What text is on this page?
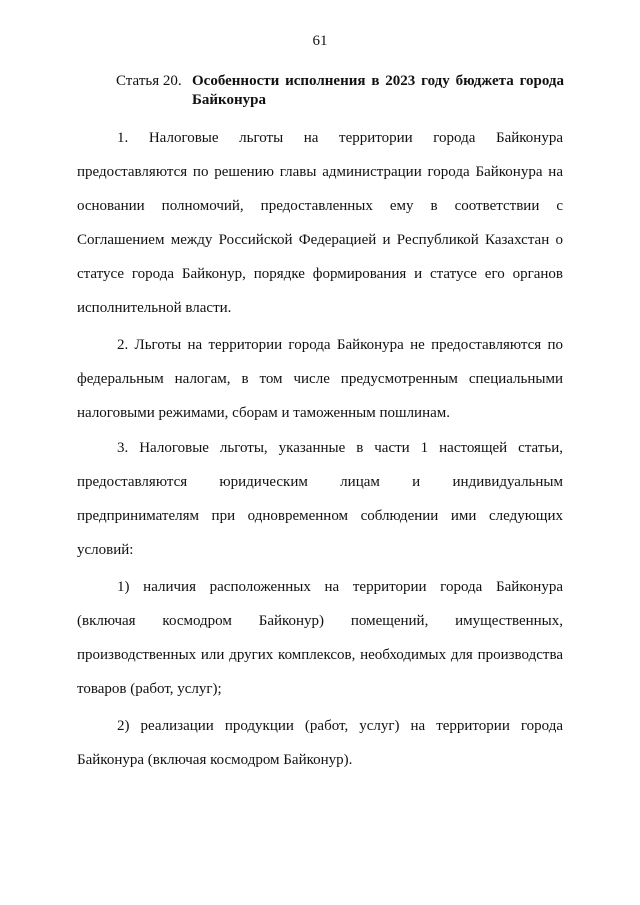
61
Статья 20. Особенности исполнения в 2023 году бюджета города Байконура
1. Налоговые льготы на территории города Байконура предоставляются по решению главы администрации города Байконура на основании полномочий, предоставленных ему в соответствии с Соглашением между Российской Федерацией и Республикой Казахстан о статусе города Байконур, порядке формирования и статусе его органов исполнительной власти.
2. Льготы на территории города Байконура не предоставляются по федеральным налогам, в том числе предусмотренным специальными налоговыми режимами, сборам и таможенным пошлинам.
3. Налоговые льготы, указанные в части 1 настоящей статьи, предоставляются юридическим лицам и индивидуальным предпринимателям при одновременном соблюдении ими следующих условий:
1) наличия расположенных на территории города Байконура (включая космодром Байконур) помещений, имущественных, производственных или других комплексов, необходимых для производства товаров (работ, услуг);
2) реализации продукции (работ, услуг) на территории города Байконура (включая космодром Байконур).
